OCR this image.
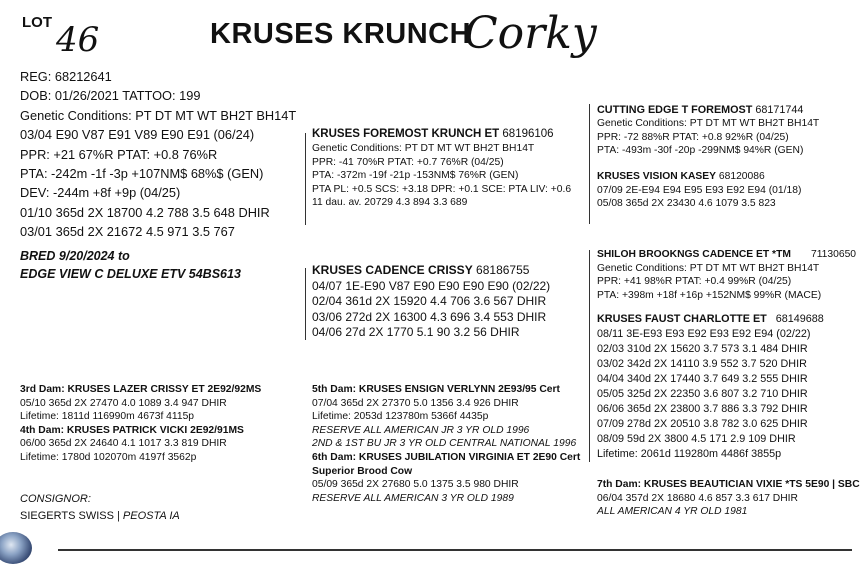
LOT 46	KRUSES KRUNCH
Corky
REG: 68212641
DOB: 01/26/2021 TATTOO: 199
Genetic Conditions: PT DT MT WT BH2T BH14T
03/04 E90 V87 E91 V89 E90 E91 (06/24)
PPR: +21 67%R PTAT: +0.8 76%R
PTA: -242m -1f -3p +107NM$ 68%$ (GEN)
DEV: -244m +8f +9p (04/25)
01/10 365d 2X 18700 4.2 788 3.5 648 DHIR
03/01 365d 2X 21672 4.5 971 3.5 767
BRED 9/20/2024 to
EDGE VIEW C DELUXE ETV 54BS613
KRUSES FOREMOST KRUNCH ET 68196106
Genetic Conditions: PT DT MT WT BH2T BH14T
PPR: -41 70%R PTAT: +0.7 76%R (04/25)
PTA: -372m -19f -21p -153NM$ 76%R (GEN)
PTA PL: +0.5 SCS: +3.18 DPR: +0.1 SCE: PTA LIV: +0.6
11 dau. av. 20729 4.3 894 3.3 689
KRUSES CADENCE CRISSY 68186755
04/07 1E-E90 V87 E90 E90 E90 E90 (02/22)
02/04 361d 2X 15920 4.4 706 3.6 567 DHIR
03/06 272d 2X 16300 4.3 696 3.4 553 DHIR
04/06 27d 2X 1770 5.1 90 3.2 56 DHIR
CUTTING EDGE T FOREMOST 68171744
Genetic Conditions: PT DT MT WT BH2T BH14T
PPR: -72 88%R PTAT: +0.8 92%R (04/25)
PTA: -493m -30f -20p -299NM$ 94%R (GEN)
KRUSES VISION KASEY 68120086
07/09 2E-E94 E94 E95 E93 E92 E94 (01/18)
05/08 365d 2X 23430 4.6 1079 3.5 823
SHILOH BROOKNGS CADENCE ET *TM 71130650
Genetic Conditions: PT DT MT WT BH2T BH14T
PPR: +41 98%R PTAT: +0.4 99%R (04/25)
PTA: +398m +18f +16p +152NM$ 99%R (MACE)
KRUSES FAUST CHARLOTTE ET 68149688
08/11 3E-E93 E93 E92 E93 E92 E94 (02/22)
02/03 310d 2X 15620 3.7 573 3.1 484 DHIR
03/02 342d 2X 14110 3.9 552 3.7 520 DHIR
04/04 340d 2X 17440 3.7 649 3.2 555 DHIR
05/05 325d 2X 22350 3.6 807 3.2 710 DHIR
06/06 365d 2X 23800 3.7 886 3.3 792 DHIR
07/09 278d 2X 20510 3.8 782 3.0 625 DHIR
08/09 59d 2X 3800 4.5 171 2.9 109 DHIR
Lifetime: 2061d 119280m 4486f 3855p
3rd Dam: KRUSES LAZER CRISSY ET 2E92/92MS
05/10 365d 2X 27470 4.0 1089 3.4 947 DHIR
Lifetime: 1811d 116990m 4673f 4115p
4th Dam: KRUSES PATRICK VICKI 2E92/91MS
06/00 365d 2X 24640 4.1 1017 3.3 819 DHIR
Lifetime: 1780d 102070m 4197f 3562p
5th Dam: KRUSES ENSIGN VERLYNN 2E93/95 Cert
07/04 365d 2X 27370 5.0 1356 3.4 926 DHIR
Lifetime: 2053d 123780m 5366f 4435p
RESERVE ALL AMERICAN JR 3 YR OLD 1996
2ND & 1ST BU JR 3 YR OLD CENTRAL NATIONAL 1996
6th Dam: KRUSES JUBILATION VIRGINIA ET 2E90 Cert
Superior Brood Cow
05/09 365d 2X 27680 5.0 1375 3.5 980 DHIR
RESERVE ALL AMERICAN 3 YR OLD 1989
7th Dam: KRUSES BEAUTICIAN VIXIE *TS 5E90 | SBC
06/04 357d 2X 18680 4.6 857 3.3 617 DHIR
ALL AMERICAN 4 YR OLD 1981
CONSIGNOR:
SIEGERTS SWISS | PEOSTA IA
